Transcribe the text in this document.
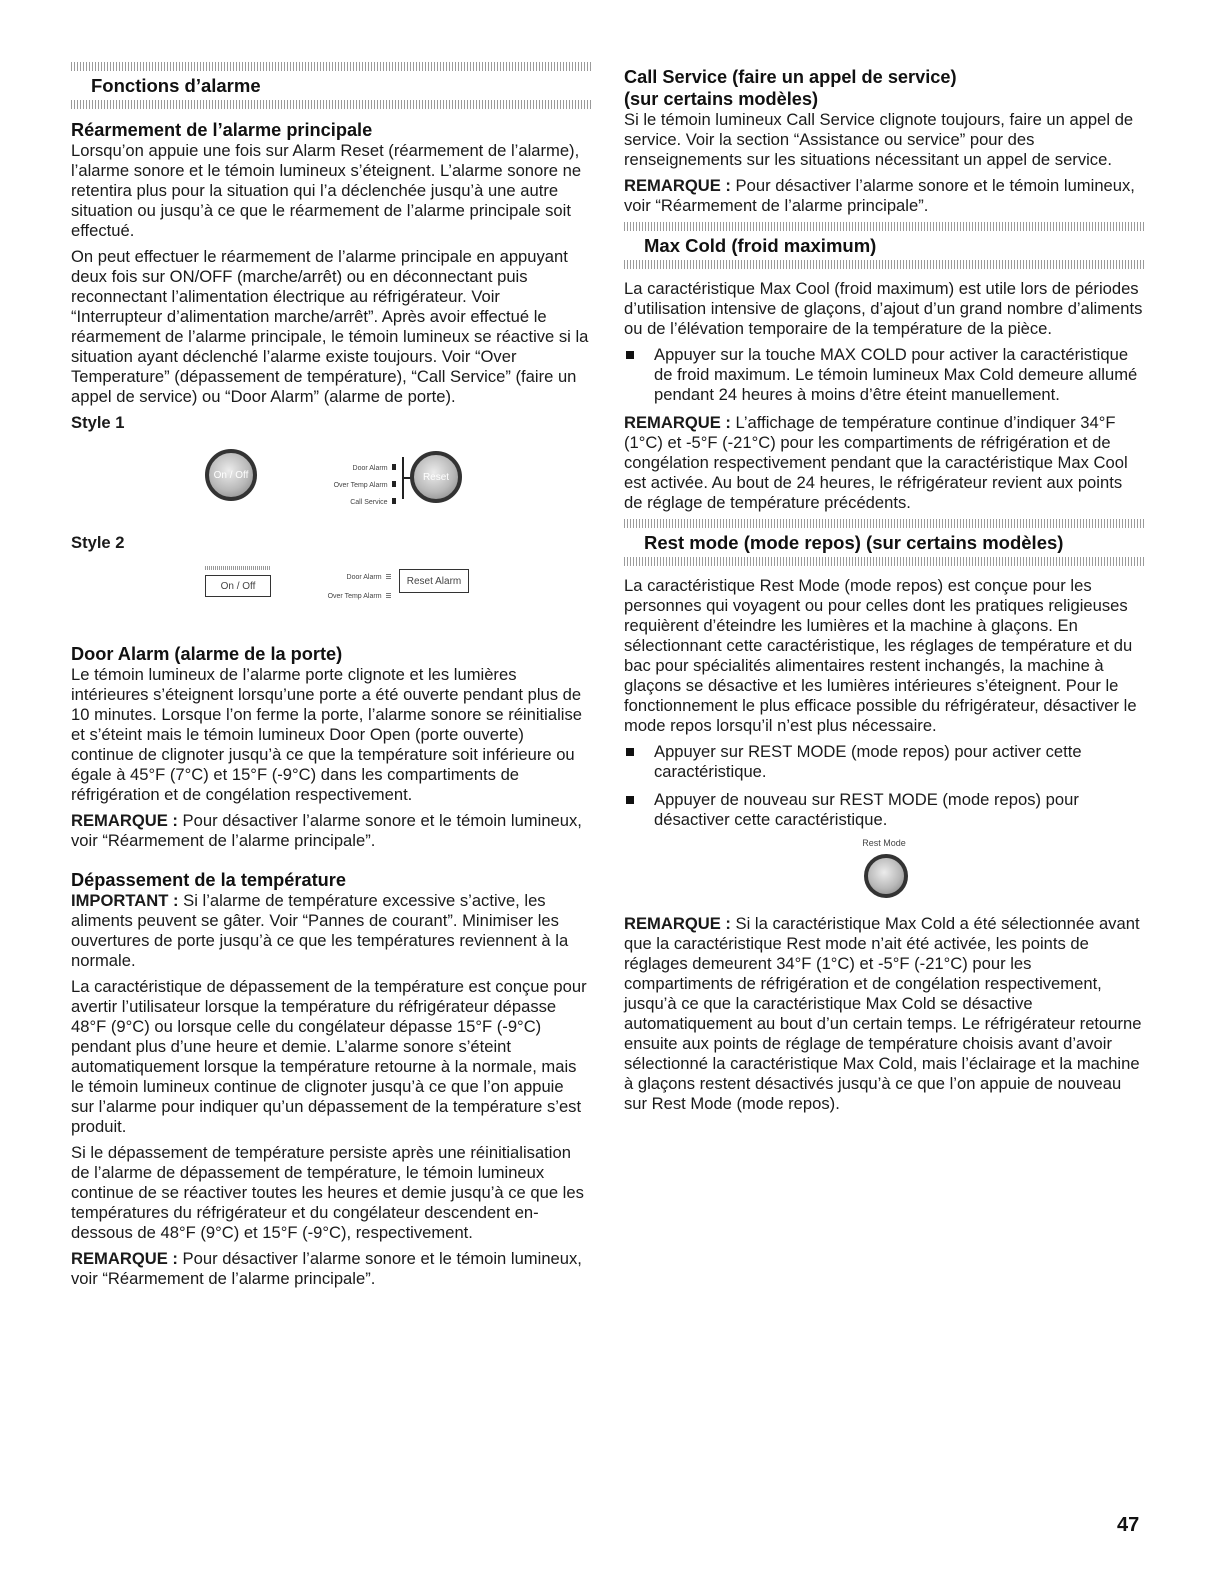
Fonctions d’alarme
Réarmement de l’alarme principale

Lorsqu’on appuie une fois sur Alarm Reset (réarmement de l’alarme), l’alarme sonore et le témoin lumineux s’éteignent. L’alarme sonore ne retentira plus pour la situation qui l’a déclenchée jusqu’à une autre situation ou jusqu’à ce que le réarmement de l’alarme principale soit effectué.

On peut effectuer le réarmement de l’alarme principale en appuyant deux fois sur ON/OFF (marche/arrêt) ou en déconnectant puis reconnectant l’alimentation électrique au réfrigérateur. Voir “Interrupteur d’alimentation marche/arrêt”. Après avoir effectué le réarmement de l’alarme principale, le témoin lumineux se réactive si la situation ayant déclenché l’alarme existe toujours. Voir “Over Temperature” (dépassement de température), “Call Service” (faire un appel de service) ou “Door Alarm” (alarme de porte).

Style 1

On / Off
Door Alarm
Over Temp Alarm
Call Service
Reset

Style 2

On / Off
Door Alarm
Over Temp Alarm
Reset Alarm
Door Alarm (alarme de la porte)

Le témoin lumineux de l’alarme porte clignote et les lumières intérieures s’éteignent lorsqu’une porte a été ouverte pendant plus de 10 minutes. Lorsque l’on ferme la porte, l’alarme sonore se réinitialise et s’éteint mais le témoin lumineux Door Open (porte ouverte) continue de clignoter jusqu’à ce que la température soit inférieure ou égale à 45°F (7°C) et 15°F (-9°C) dans les compartiments de réfrigération et de congélation respectivement.

REMARQUE : Pour désactiver l’alarme sonore et le témoin lumineux, voir “Réarmement de l’alarme principale”.

Dépassement de la température

IMPORTANT : Si l’alarme de température excessive s’active, les aliments peuvent se gâter. Voir “Pannes de courant”. Minimiser les ouvertures de porte jusqu’à ce que les températures reviennent à la normale.

La caractéristique de dépassement de la température est conçue pour avertir l’utilisateur lorsque la température du réfrigérateur dépasse 48°F (9°C) ou lorsque celle du congélateur dépasse 15°F (-9°C) pendant plus d’une heure et demie. L’alarme sonore s’éteint automatiquement lorsque la température retourne à la normale, mais le témoin lumineux continue de clignoter jusqu’à ce que l’on appuie sur l’alarme pour indiquer qu’un dépassement de la température s’est produit.

Si le dépassement de température persiste après une réinitialisation de l’alarme de dépassement de température, le témoin lumineux continue de se réactiver toutes les heures et demie jusqu’à ce que les températures du réfrigérateur et du congélateur descendent en-dessous de 48°F (9°C) et 15°F (-9°C), respectivement.

REMARQUE : Pour désactiver l’alarme sonore et le témoin lumineux, voir “Réarmement de l’alarme principale”.

Call Service (faire un appel de service)
(sur certains modèles)

Si le témoin lumineux Call Service clignote toujours, faire un appel de service. Voir la section “Assistance ou service” pour des renseignements sur les situations nécessitant un appel de service.

REMARQUE : Pour désactiver l’alarme sonore et le témoin lumineux, voir “Réarmement de l’alarme principale”.

Max Cold (froid maximum)

La caractéristique Max Cool (froid maximum) est utile lors de périodes d’utilisation intensive de glaçons, d’ajout d’un grand nombre d’aliments ou de l’élévation temporaire de la température de la pièce.

Appuyer sur la touche MAX COLD pour activer la caractéristique de froid maximum. Le témoin lumineux Max Cold demeure allumé pendant 24 heures à moins d’être éteint manuellement.

REMARQUE : L’affichage de température continue d’indiquer 34°F (1°C) et -5°F (-21°C) pour les compartiments de réfrigération et de congélation respectivement pendant que la caractéristique Max Cool est activée. Au bout de 24 heures, le réfrigérateur revient aux points de réglage de température précédents.

Rest mode (mode repos) (sur certains modèles)

La caractéristique Rest Mode (mode repos) est conçue pour les personnes qui voyagent ou pour celles dont les pratiques religieuses requièrent d’éteindre les lumières et la machine à glaçons. En sélectionnant cette caractéristique, les réglages de température et du bac pour spécialités alimentaires restent inchangés, la machine à glaçons se désactive et les lumières intérieures s’éteignent. Pour le fonctionnement le plus efficace possible du réfrigérateur, désactiver le mode repos lorsqu’il n’est plus nécessaire.

Appuyer sur REST MODE (mode repos) pour activer cette caractéristique.
Appuyer de nouveau sur REST MODE (mode repos) pour désactiver cette caractéristique.
Rest Mode

REMARQUE : Si la caractéristique Max Cold a été sélectionnée avant que la caractéristique Rest mode n’ait été activée, les points de réglages demeurent 34°F (1°C) et -5°F (-21°C) pour les compartiments de réfrigération et de congélation respectivement, jusqu’à ce que la caractéristique Max Cold se désactive automatiquement au bout d’un certain temps. Le réfrigérateur retourne ensuite aux points de réglage de température choisis avant d’avoir sélectionné la caractéristique Max Cold, mais l’éclairage et la machine à glaçons restent désactivés jusqu’à ce que l’on appuie de nouveau sur Rest Mode (mode repos).

47
